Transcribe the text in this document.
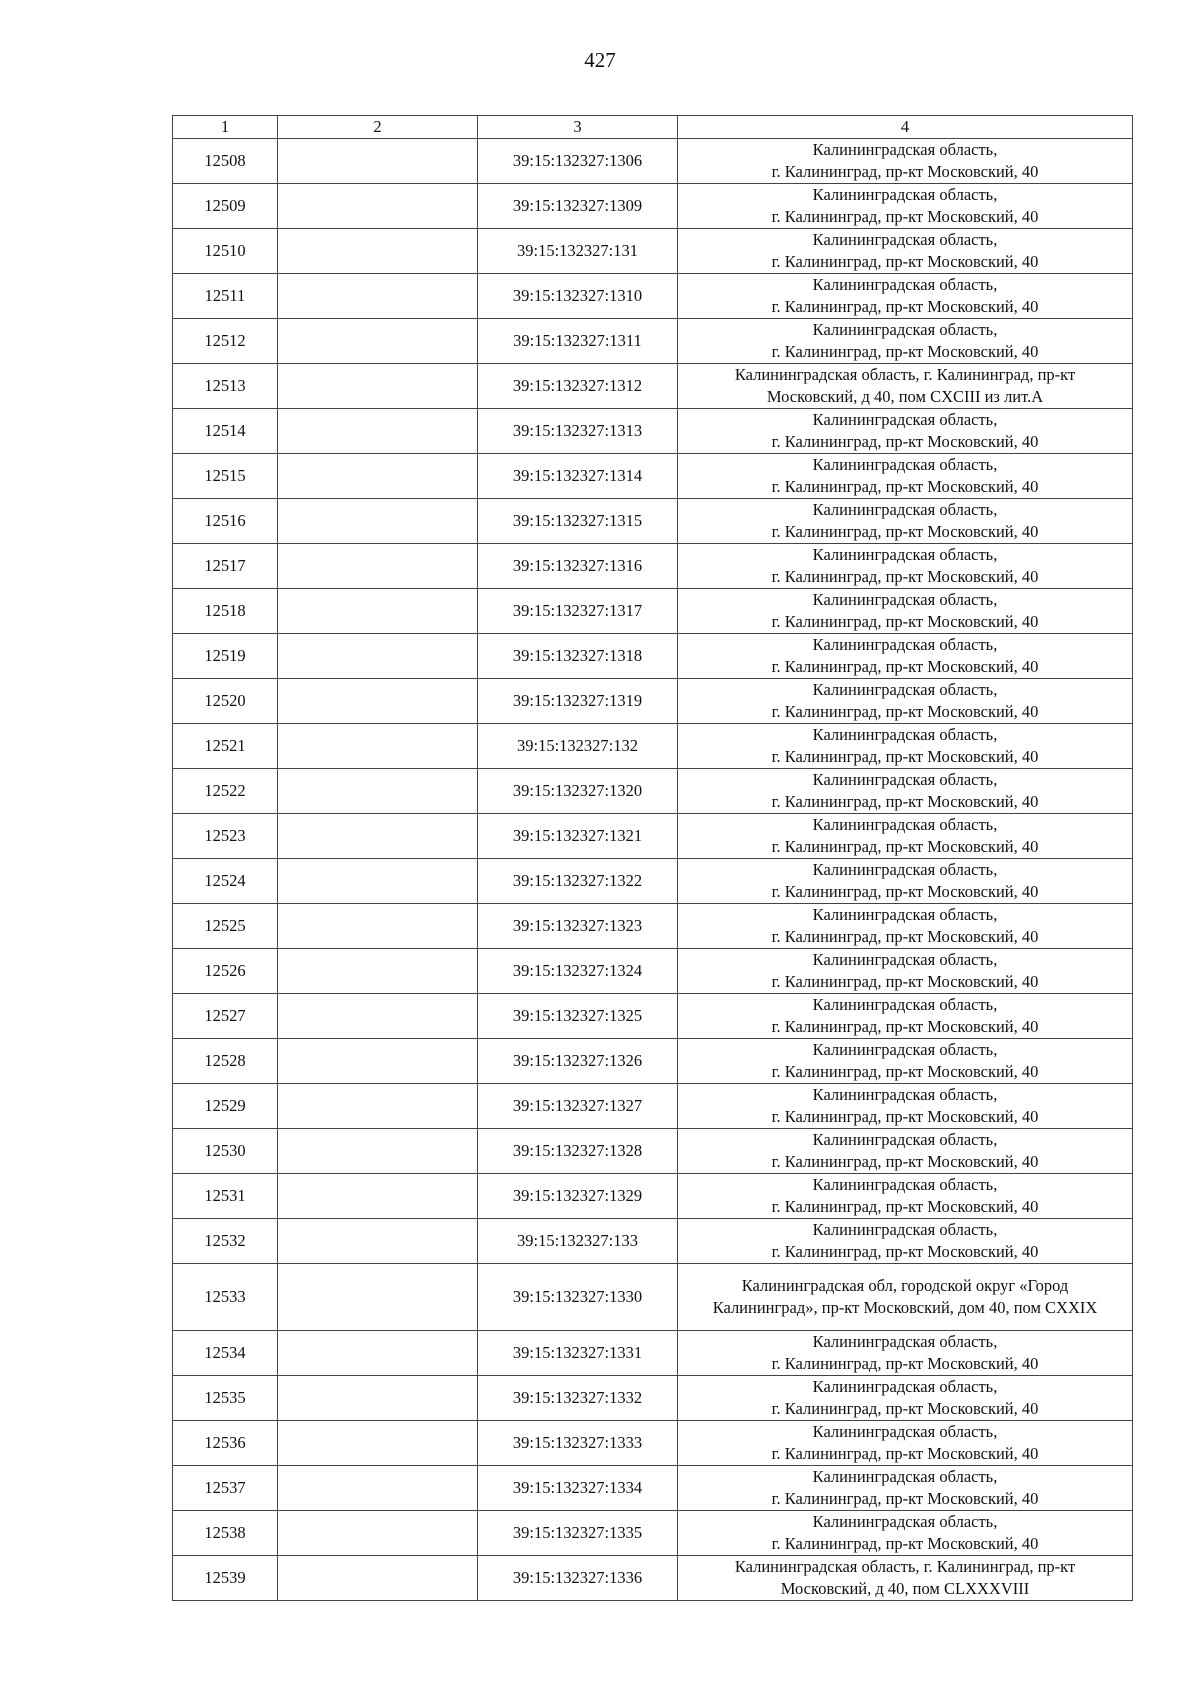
427
1	2	3	4
12508		39:15:132327:1306	Калининградская область,
г. Калининград, пр-кт Московский, 40
12509		39:15:132327:1309	Калининградская область,
г. Калининград, пр-кт Московский, 40
12510		39:15:132327:131	Калининградская область,
г. Калининград, пр-кт Московский, 40
12511		39:15:132327:1310	Калининградская область,
г. Калининград, пр-кт Московский, 40
12512		39:15:132327:1311	Калининградская область,
г. Калининград, пр-кт Московский, 40
12513		39:15:132327:1312	Калининградская область, г. Калининград, пр-кт
Московский, д 40, пом CXCIII из лит.А
12514		39:15:132327:1313	Калининградская область,
г. Калининград, пр-кт Московский, 40
12515		39:15:132327:1314	Калининградская область,
г. Калининград, пр-кт Московский, 40
12516		39:15:132327:1315	Калининградская область,
г. Калининград, пр-кт Московский, 40
12517		39:15:132327:1316	Калининградская область,
г. Калининград, пр-кт Московский, 40
12518		39:15:132327:1317	Калининградская область,
г. Калининград, пр-кт Московский, 40
12519		39:15:132327:1318	Калининградская область,
г. Калининград, пр-кт Московский, 40
12520		39:15:132327:1319	Калининградская область,
г. Калининград, пр-кт Московский, 40
12521		39:15:132327:132	Калининградская область,
г. Калининград, пр-кт Московский, 40
12522		39:15:132327:1320	Калининградская область,
г. Калининград, пр-кт Московский, 40
12523		39:15:132327:1321	Калининградская область,
г. Калининград, пр-кт Московский, 40
12524		39:15:132327:1322	Калининградская область,
г. Калининград, пр-кт Московский, 40
12525		39:15:132327:1323	Калининградская область,
г. Калининград, пр-кт Московский, 40
12526		39:15:132327:1324	Калининградская область,
г. Калининград, пр-кт Московский, 40
12527		39:15:132327:1325	Калининградская область,
г. Калининград, пр-кт Московский, 40
12528		39:15:132327:1326	Калининградская область,
г. Калининград, пр-кт Московский, 40
12529		39:15:132327:1327	Калининградская область,
г. Калининград, пр-кт Московский, 40
12530		39:15:132327:1328	Калининградская область,
г. Калининград, пр-кт Московский, 40
12531		39:15:132327:1329	Калининградская область,
г. Калининград, пр-кт Московский, 40
12532		39:15:132327:133	Калининградская область,
г. Калининград, пр-кт Московский, 40
12533		39:15:132327:1330	Калининградская обл, городской округ «Город
Калининград», пр-кт Московский, дом 40, пом CXXIX
12534		39:15:132327:1331	Калининградская область,
г. Калининград, пр-кт Московский, 40
12535		39:15:132327:1332	Калининградская область,
г. Калининград, пр-кт Московский, 40
12536		39:15:132327:1333	Калининградская область,
г. Калининград, пр-кт Московский, 40
12537		39:15:132327:1334	Калининградская область,
г. Калининград, пр-кт Московский, 40
12538		39:15:132327:1335	Калининградская область,
г. Калининград, пр-кт Московский, 40
12539		39:15:132327:1336	Калининградская область, г. Калининград, пр-кт
Московский, д 40, пом CLXXXVIII
